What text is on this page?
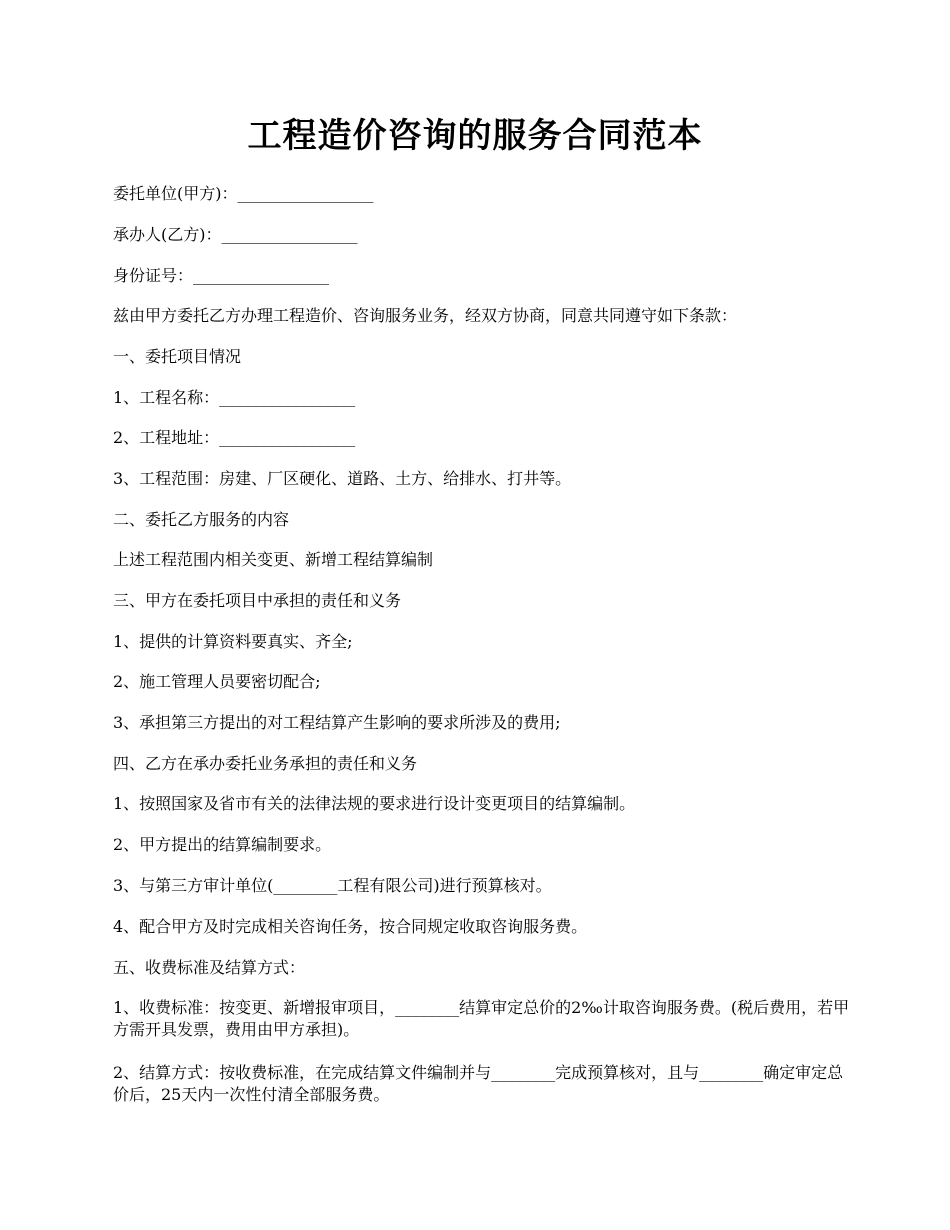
工程造价咨询的服务合同范本
委托单位(甲方)：_________________
承办人(乙方)：_________________
身份证号：_________________
兹由甲方委托乙方办理工程造价、咨询服务业务，经双方协商，同意共同遵守如下条款：
一、委托项目情况
1、工程名称：_________________
2、工程地址：_________________
3、工程范围：房建、厂区硬化、道路、土方、给排水、打井等。
二、委托乙方服务的内容
上述工程范围内相关变更、新增工程结算编制
三、甲方在委托项目中承担的责任和义务
1、提供的计算资料要真实、齐全;
2、施工管理人员要密切配合;
3、承担第三方提出的对工程结算产生影响的要求所涉及的费用;
四、乙方在承办委托业务承担的责任和义务
1、按照国家及省市有关的法律法规的要求进行设计变更项目的结算编制。
2、甲方提出的结算编制要求。
3、与第三方审计单位(________工程有限公司)进行预算核对。
4、配合甲方及时完成相关咨询任务，按合同规定收取咨询服务费。
五、收费标准及结算方式：
1、收费标准：按变更、新增报审项目，________结算审定总价的2‰计取咨询服务费。(税后费用，若甲方需开具发票，费用由甲方承担)。
2、结算方式：按收费标准，在完成结算文件编制并与________完成预算核对，且与________确定审定总价后，25天内一次性付清全部服务费。
